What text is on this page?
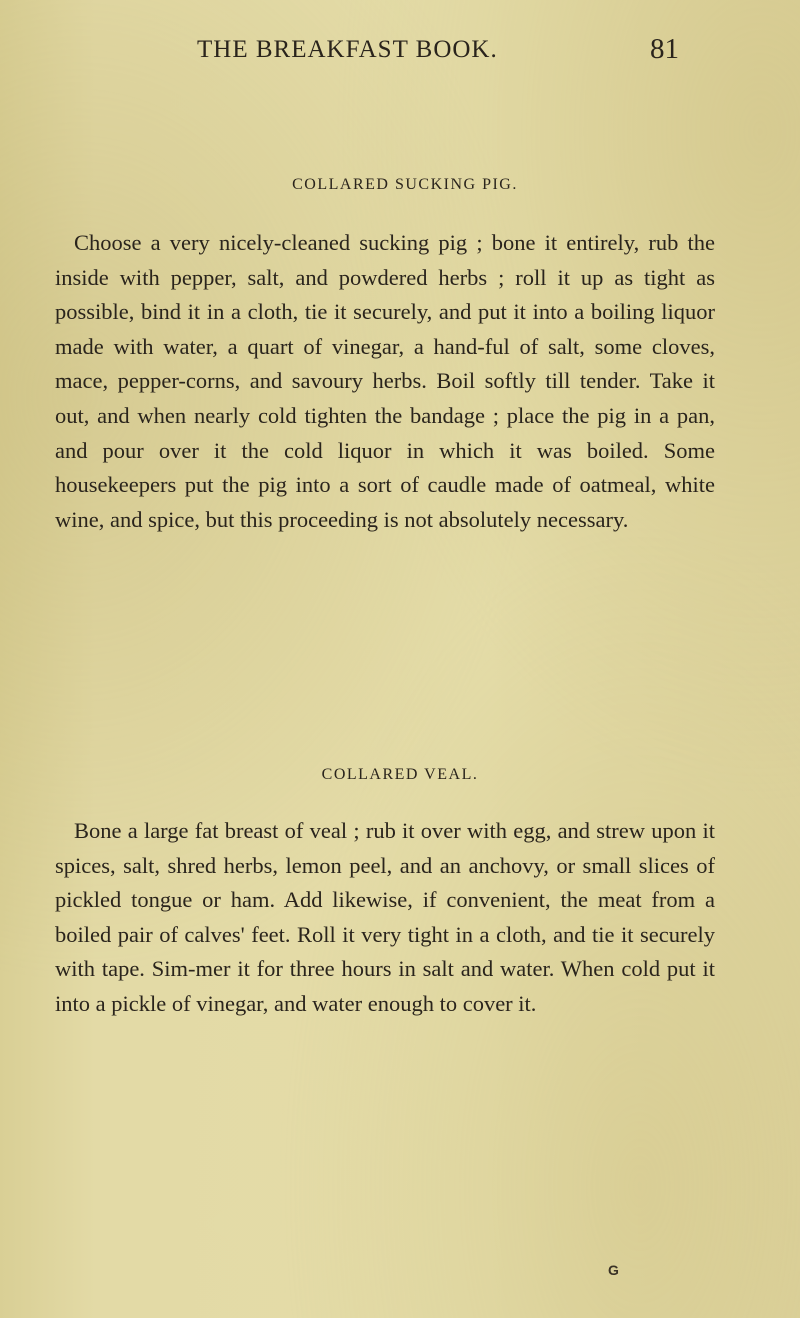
THE BREAKFAST BOOK.	81
COLLARED SUCKING PIG.
Choose a very nicely-cleaned sucking pig ; bone it entirely, rub the inside with pepper, salt, and powdered herbs ; roll it up as tight as possible, bind it in a cloth, tie it securely, and put it into a boiling liquor made with water, a quart of vinegar, a hand-ful of salt, some cloves, mace, pepper-corns, and savoury herbs. Boil softly till tender. Take it out, and when nearly cold tighten the bandage ; place the pig in a pan, and pour over it the cold liquor in which it was boiled. Some housekeepers put the pig into a sort of caudle made of oatmeal, white wine, and spice, but this proceeding is not absolutely necessary.
COLLARED VEAL.
Bone a large fat breast of veal ; rub it over with egg, and strew upon it spices, salt, shred herbs, lemon peel, and an anchovy, or small slices of pickled tongue or ham. Add likewise, if convenient, the meat from a boiled pair of calves' feet. Roll it very tight in a cloth, and tie it securely with tape. Sim-mer it for three hours in salt and water. When cold put it into a pickle of vinegar, and water enough to cover it.
G
